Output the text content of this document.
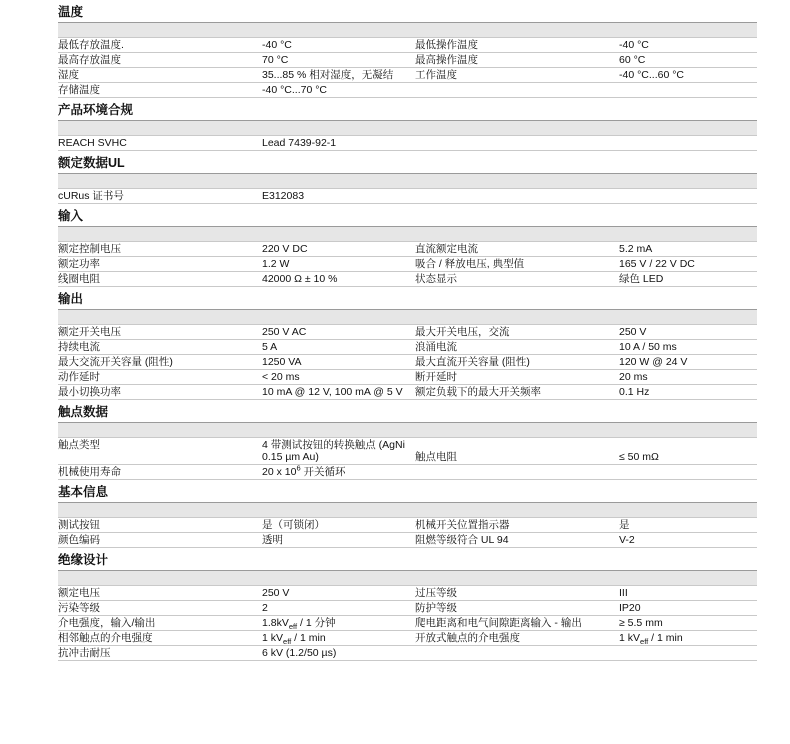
温度
最低存放温度.	-40 °C	最低操作温度	-40 °C
最高存放温度	70 °C	最高操作温度	60 °C
湿度	35...85 % 相对湿度，无凝结	工作温度	-40 °C...60 °C
存储温度	-40 °C...70 °C		
产品环境合规
REACH SVHC	Lead 7439-92-1		
额定数据UL
cURus 证书号	E312083		
输入
额定控制电压	220 V DC	直流额定电流	5.2 mA
额定功率	1.2 W	吸合 / 释放电压, 典型值	165 V / 22 V DC
线圈电阻	42000 Ω ± 10 %	状态显示	绿色 LED
输出
额定开关电压	250 V AC	最大开关电压，交流	250 V
持续电流	5 A	浪涌电流	10 A / 50 ms
最大交流开关容量 (阻性)	1250 VA	最大直流开关容量 (阻性)	120 W @ 24 V
动作延时	< 20 ms	断开延时	20 ms
最小切换功率	10 mA @ 12 V, 100 mA @ 5 V	额定负载下的最大开关频率	0.1 Hz
触点数据
触点类型	4 带测试按钮的转换触点 (AgNi 0.15 µm Au)	触点电阻	≤ 50 mΩ
机械使用寿命	20 x $10^6$ 开关循环		
基本信息
测试按钮	是（可锁闭）	机械开关位置指示器	是
颜色编码	透明	阻燃等级符合 UL 94	V-2
绝缘设计
额定电压	250 V	过压等级	III
污染等级	2	防护等级	IP20
介电强度，输入/输出	$1.8kV_{eff} / 1$ 分钟	爬电距离和电气间隙距离输入 - 输出	≥ 5.5 mm
相邻触点的介电强度	1 $kV_{eff} / 1$ min	开放式触点的介电强度	1 $kV_{eff} / 1$ min
抗冲击耐压	6 kV (1.2/50 µs)		
